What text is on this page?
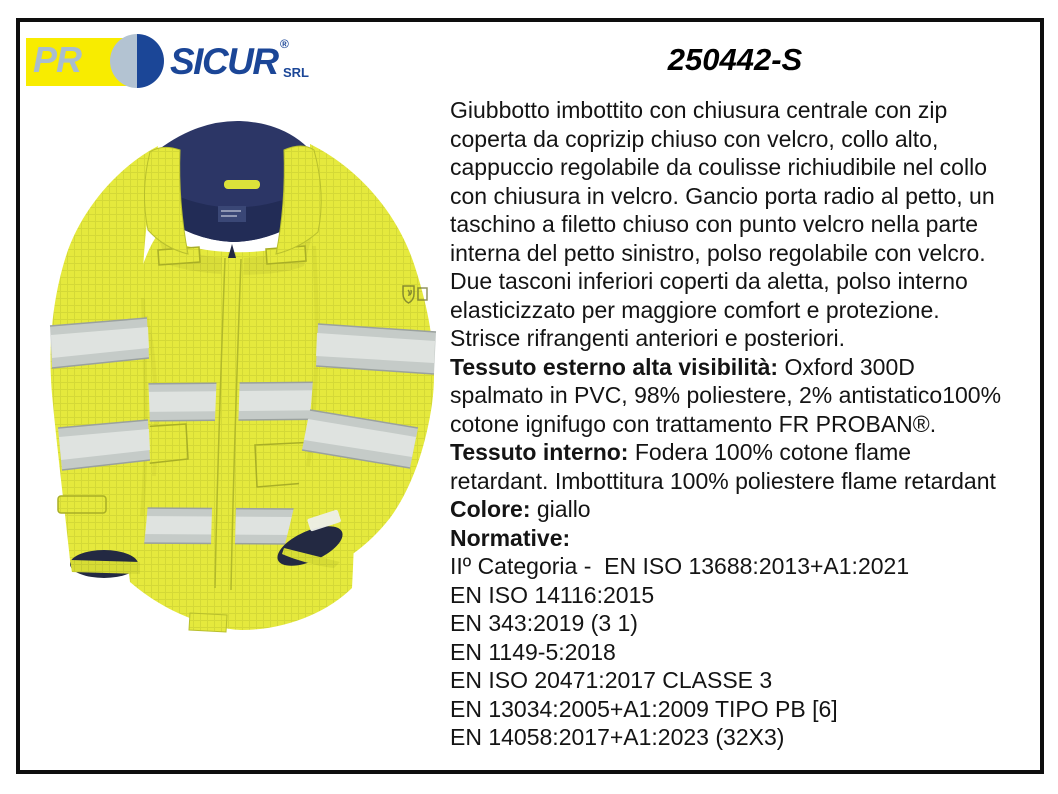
PR SICUR ®
SRL	250442-S
Giubbotto imbottito con chiusura centrale con zip
coperta da coprizip chiuso con velcro, collo alto,
cappuccio regolabile da coulisse richiudibile nel collo
con chiusura in velcro. Gancio porta radio al petto, un
taschino a filetto chiuso con punto velcro nella parte
interna del petto sinistro, polso regolabile con velcro.
Due tasconi inferiori coperti da aletta, polso interno
elasticizzato per maggiore comfort e protezione.
Strisce rifrangenti anteriori e posteriori.
Tessuto esterno alta visibilità: Oxford 300D
spalmato in PVC, 98% poliestere, 2% antistatico100%
cotone ignifugo con trattamento FR PROBAN®.
Tessuto interno: Fodera 100% cotone flame
retardant. Imbottitura 100% poliestere flame retardant
Colore: giallo
Normative:
IIº Categoria -  EN ISO 13688:2013+A1:2021
EN ISO 14116:2015
EN 343:2019 (3 1)
EN 1149-5:2018
EN ISO 20471:2017 CLASSE 3
EN 13034:2005+A1:2009 TIPO PB [6]
EN 14058:2017+A1:2023 (32X3)
